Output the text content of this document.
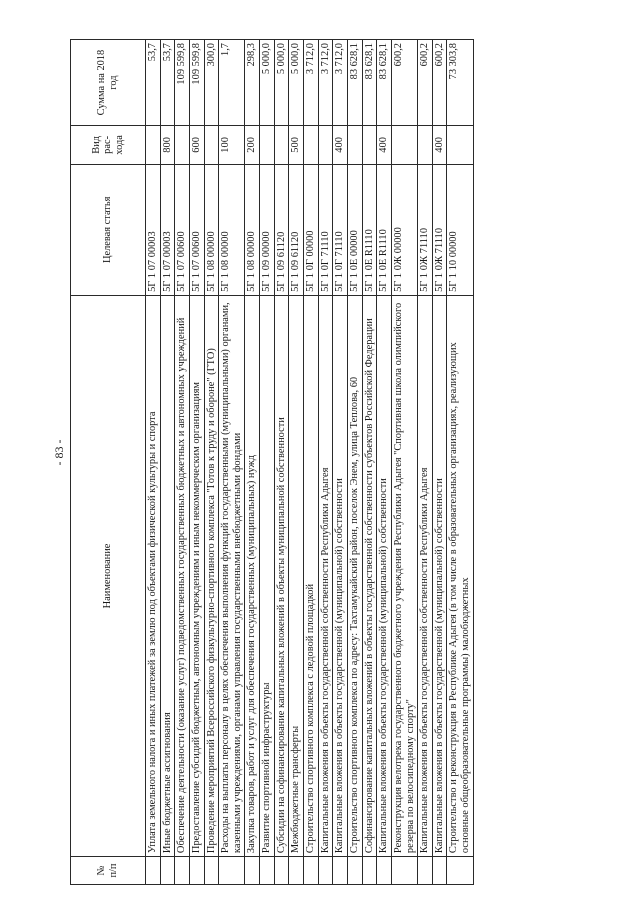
- 83 -
№ п/п	Наименование	Целевая статья	Вид рас-хода	Сумма на 2018 год
	Уплата земельного налога и иных платежей за землю под объектами физической культуры и спорта	5Г 1 07 00003		53,7
	Иные бюджетные ассигнования	5Г 1 07 00003	800	53,7
	Обеспечение деятельности (оказание услуг) подведомственных государственных бюджетных и автономных учреждений	5Г 1 07 00600		109 599,8
	Предоставление субсидий бюджетным, автономным учреждениям и иным некоммерческим организациям	5Г 1 07 00600	600	109 599,8
	Проведение мероприятий Всероссийского физкультурно-спортивного комплекса "Готов к труду и обороне" (ГТО)	5Г 1 08 00000		300,0
	Расходы на выплаты персоналу в целях обеспечения выполнения функций государственными (муниципальными) органами, казенными учреждениями, органами управления государственными внебюджетными фондами	5Г 1 08 00000	100	1,7
	Закупка товаров, работ и услуг для обеспечения государственных (муниципальных) нужд	5Г 1 08 00000	200	298,3
	Развитие спортивной инфраструктуры	5Г 1 09 00000		5 000,0
	Субсидии на софинансирование капитальных вложений в объекты муниципальной собственности	5Г 1 09 61120		5 000,0
	Межбюджетные трансферты	5Г 1 09 61120	500	5 000,0
	Строительство спортивного комплекса с ледовой площадкой	5Г 1 0Г 00000		3 712,0
	Капитальные вложения в объекты государственной собственности Республики Адыгея	5Г 1 0Г 71110		3 712,0
	Капитальные вложения в объекты государственной (муниципальной) собственности	5Г 1 0Г 71110	400	3 712,0
	Строительство спортивного комплекса по адресу: Тахтамукайский район, поселок Энем, улица Теплова, 60	5Г 1 0Е 00000		83 628,1
	Софинансирование капитальных вложений в объекты государственной собственности субъектов Российской Федерации	5Г 1 0Е R1110		83 628,1
	Капитальные вложения в объекты государственной (муниципальной) собственности	5Г 1 0Е R1110	400	83 628,1
	Реконструкция велотрека государственного бюджетного учреждения Республики Адыгея "Спортивная школа олимпийского резерва по велосипедному спорту"	5Г 1 0Ж 00000		600,2
	Капитальные вложения в объекты государственной собственности Республики Адыгея	5Г 1 0Ж 71110		600,2
	Капитальные вложения в объекты государственной (муниципальной) собственности	5Г 1 0Ж 71110	400	600,2
	Строительство и реконструкция в Республике Адыгея (в том числе в образовательных организациях, реализующих основные общеобразовательные программы) малобюджетных	5Г 1 10 00000		73 303,8
